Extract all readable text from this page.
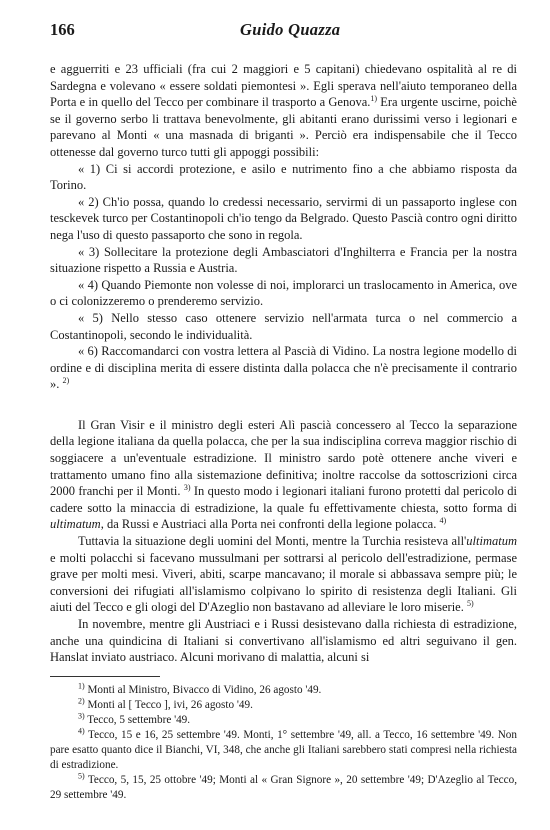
166	Guido Quazza

e agguerriti e 23 ufficiali (fra cui 2 maggiori e 5 capitani) chiedevano ospitalità al re di Sardegna e volevano « essere soldati piemontesi ». Egli sperava nell'aiuto temporaneo della Porta e in quello del Tecco per combinare il trasporto a Genova.$^{1)}$ Era urgente uscirne, poichè se il governo serbo li trattava benevolmente, gli abitanti erano durissimi verso i legionari e parevano al Monti « una masnada di briganti ». Perciò era indispensabile che il Tecco ottenesse dal governo turco tutti gli appoggi possibili:

« 1) Ci si accordi protezione, e asilo e nutrimento fino a che abbiamo risposta da Torino.

« 2) Ch'io possa, quando lo credessi necessario, servirmi di un passaporto inglese con tesckevek turco per Costantinopoli ch'io tengo da Belgrado. Questo Pascià contro ogni diritto nega l'uso di questo passaporto che sono in regola.

« 3) Sollecitare la protezione degli Ambasciatori d'Inghilterra e Francia per la nostra situazione rispetto a Russia e Austria.

« 4) Quando Piemonte non volesse di noi, implorarci un traslocamento in America, ove o ci colonizzeremo o prenderemo servizio.

« 5) Nello stesso caso ottenere servizio nell'armata turca o nel commercio a Costantinopoli, secondo le individualità.

« 6) Raccomandarci con vostra lettera al Pascià di Vidino. La nostra legione modello di ordine e di disciplina merita di essere distinta dalla polacca che n'è precisamente il contrario ». $^{2)}$

Il Gran Visir e il ministro degli esteri Alì pascià concessero al Tecco la separazione della legione italiana da quella polacca, che per la sua indisciplina correva maggior rischio di soggiacere a un'eventuale estradizione. Il ministro sardo potè ottenere anche viveri e trattamento umano fino alla sistemazione definitiva; inoltre raccolse da sottoscrizioni circa 2000 franchi per il Monti. $^{3)}$ In questo modo i legionari italiani furono protetti dal pericolo di cadere sotto la minaccia di estradizione, la quale fu effettivamente chiesta, sotto forma di ultimatum, da Russi e Austriaci alla Porta nei confronti della legione polacca. $^{4)}$

Tuttavia la situazione degli uomini del Monti, mentre la Turchia resisteva all'ultimatum e molti polacchi si facevano mussulmani per sottrarsi al pericolo dell'estradizione, permase grave per molti mesi. Viveri, abiti, scarpe mancavano; il morale si abbassava sempre più; le conversioni dei rifugiati all'islamismo colpivano lo spirito di resistenza degli Italiani. Gli aiuti del Tecco e gli ologi del D'Azeglio non bastavano ad alleviare le loro miserie. $^{5)}$

In novembre, mentre gli Austriaci e i Russi desistevano dalla richiesta di estradizione, anche una quindicina di Italiani si convertivano all'islamismo ed altri seguivano il gen. Hanslat inviato austriaco. Alcuni morivano di malattia, alcuni si

$^{1)}$ Monti al Ministro, Bivacco di Vidino, 26 agosto '49.

$^{2)}$ Monti al [ Tecco ], ivi, 26 agosto '49.

$^{3)}$ Tecco, 5 settembre '49.

$^{4)}$ Tecco, 15 e 16, 25 settembre '49. Monti, 1° settembre '49, all. a Tecco, 16 settembre '49. Non pare esatto quanto dice il Bianchi, VI, 348, che anche gli Italiani sarebbero stati compresi nella richiesta di estradizione.

$^{5)}$ Tecco, 5, 15, 25 ottobre '49; Monti al « Gran Signore », 20 settembre '49; D'Azeglio al Tecco, 29 settembre '49.
